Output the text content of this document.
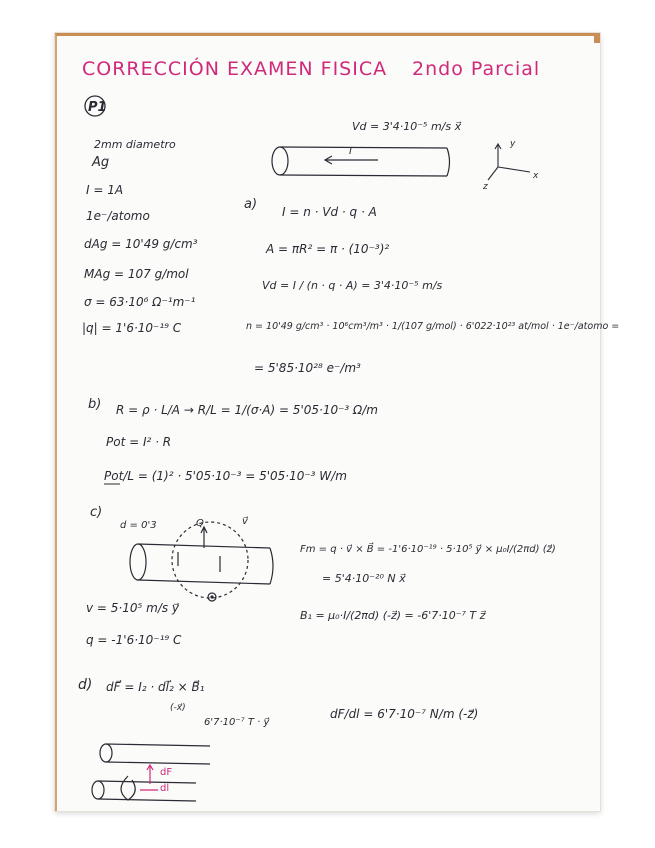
CORRECCIÓN EXAMEN FISICA 2ndo Parcial
P1
2mm diametro
Ag
I = 1A
1e⁻/atomo
dAg = 10'49 g/cm³
MAg = 107 g/mol
σ = 63·10⁶ Ω⁻¹m⁻¹
|q| = 1'6·10⁻¹⁹ C
Vd = 3'4·10⁻⁵ m/s x⃗
I
y
z
x
a) I = n · Vd · q · A
A = πR² = π · (10⁻³)²
Vd = I / (n · q · A) = 3'4·10⁻⁵ m/s
n = 10'49 g/cm³ · 10⁶cm³/m³ · 1/(107 g/mol) · 6'022·10²³ at/mol · 1e⁻/atomo =
= 5'85·10²⁸ e⁻/m³
b) R = ρ · L/A → R/L = 1/(σ·A) = 5'05·10⁻³ Ω/m
Pot = I² · R
Pot/L = (1)² · 5'05·10⁻³ = 5'05·10⁻³ W/m
c)
d = 0'3	Q	v⃗
v = 5·10⁵ m/s y⃗
q = -1'6·10⁻¹⁹ C
Fm = q · v⃗ × B⃗ = -1'6·10⁻¹⁹ · 5·10⁵ y⃗ × μ₀I/(2πd) (z⃗)
= 5'4·10⁻²⁰ N x⃗
B₁ = μ₀·I/(2πd) (-z⃗) = -6'7·10⁻⁷ T z⃗
d) dF⃗ = I₂ · dl⃗₂ × B⃗₁
(-x⃗)
6'7·10⁻⁷ T · y⃗
dF/dl = 6'7·10⁻⁷ N/m (-z⃗)
dF
dl
